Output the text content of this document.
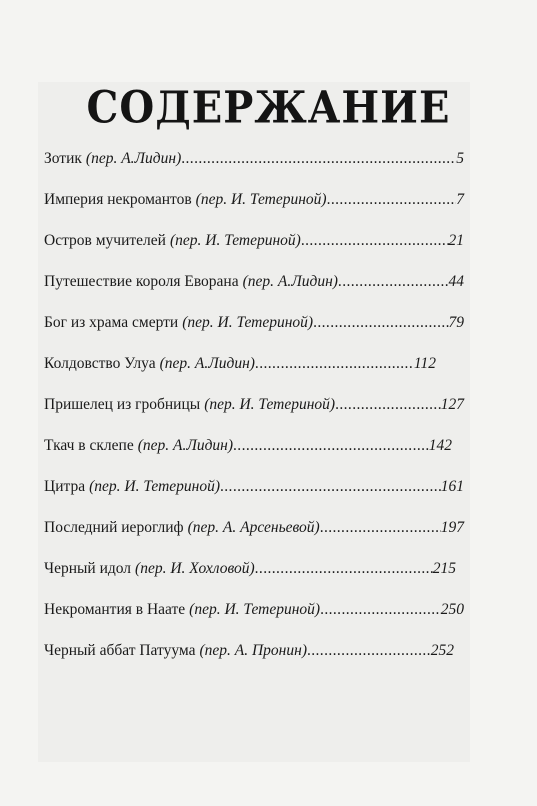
СОДЕРЖАНИЕ
Зотик (пер. А.Лидин) .....	5
Империя некромантов (пер. И. Тетериной) .....	7
Остров мучителей (пер. И. Тетериной) .....	21
Путешествие короля Еворана (пер. А.Лидин) .....	44
Бог из храма смерти (пер. И. Тетериной) .....	79
Колдовство Улуа (пер. А.Лидин) .....	112
Пришелец из гробницы (пер. И. Тетериной) .....	127
Ткач в склепе (пер. А.Лидин) .....	142
Цитра (пер. И. Тетериной) .....	161
Последний иероглиф (пер. А. Арсеньевой) .....	197
Черный идол (пер. И. Хохловой) .....	215
Некромантия в Наате (пер. И. Тетериной) .....	250
Черный аббат Патуума (пер. А. Пронин) .....	252
